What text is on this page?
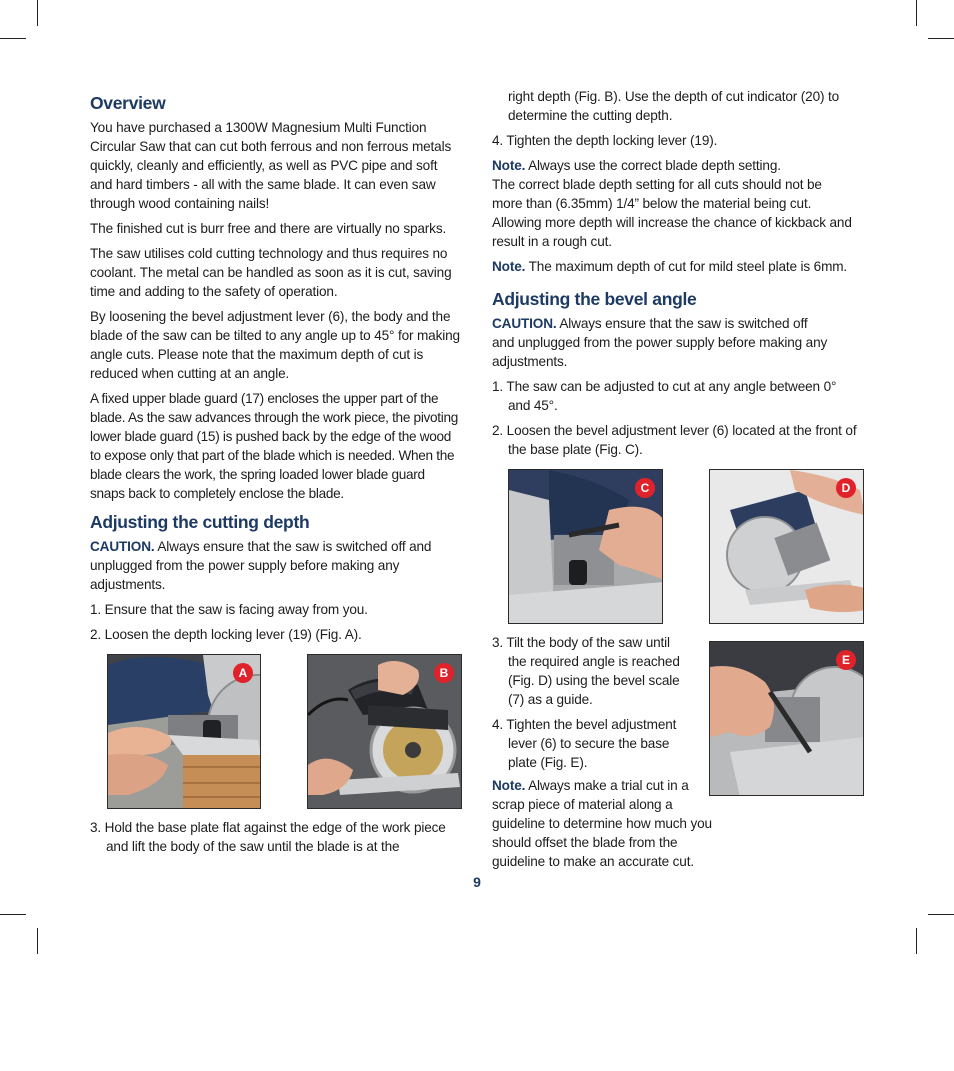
Overview

You have purchased a 1300W Magnesium Multi Function Circular Saw that can cut both ferrous and non ferrous metals quickly, cleanly and efficiently, as well as PVC pipe and soft and hard timbers - all with the same blade. It can even saw through wood containing nails!

The finished cut is burr free and there are virtually no sparks.

The saw utilises cold cutting technology and thus requires no coolant. The metal can be handled as soon as it is cut, saving time and adding to the safety of operation.

By loosening the bevel adjustment lever (6), the body and the blade of the saw can be tilted to any angle up to 45° for making angle cuts. Please note that the maximum depth of cut is reduced when cutting at an angle.

A fixed upper blade guard (17) encloses the upper part of the blade. As the saw advances through the work piece, the pivoting lower blade guard (15) is pushed back by the edge of the wood to expose only that part of the blade which is needed. When the blade clears the work, the spring loaded lower blade guard snaps back to completely enclose the blade.

Adjusting the cutting depth

CAUTION. Always ensure that the saw is switched off and unplugged from the power supply before making any adjustments.

1. Ensure that the saw is facing away from you.
2. Loosen the depth locking lever (19) (Fig. A).
A	B
3. Hold the base plate flat against the edge of the work piece and lift the body of the saw until the blade is at the
right depth (Fig. B). Use the depth of cut indicator (20) to determine the cutting depth.
4. Tighten the depth locking lever (19).

Note. Always use the correct blade depth setting.

The correct blade depth setting for all cuts should not be more than (6.35mm) 1/4” below the material being cut. Allowing more depth will increase the chance of kickback and result in a rough cut.

Note. The maximum depth of cut for mild steel plate is 6mm.

Adjusting the bevel angle

CAUTION. Always ensure that the saw is switched off and unplugged from the power supply before making any adjustments.

1. The saw can be adjusted to cut at any angle between 0° and 45°.
2. Loosen the bevel adjustment lever (6) located at the front of the base plate (Fig. C).
C	D
3. Tilt the body of the saw until the required angle is reached (Fig. D) using the bevel scale (7) as a guide.
4. Tighten the bevel adjustment lever (6) to secure the base plate (Fig. E).
E

Note. Always make a trial cut in a scrap piece of material along a guideline to determine how much you should offset the blade from the guideline to make an accurate cut.

9
